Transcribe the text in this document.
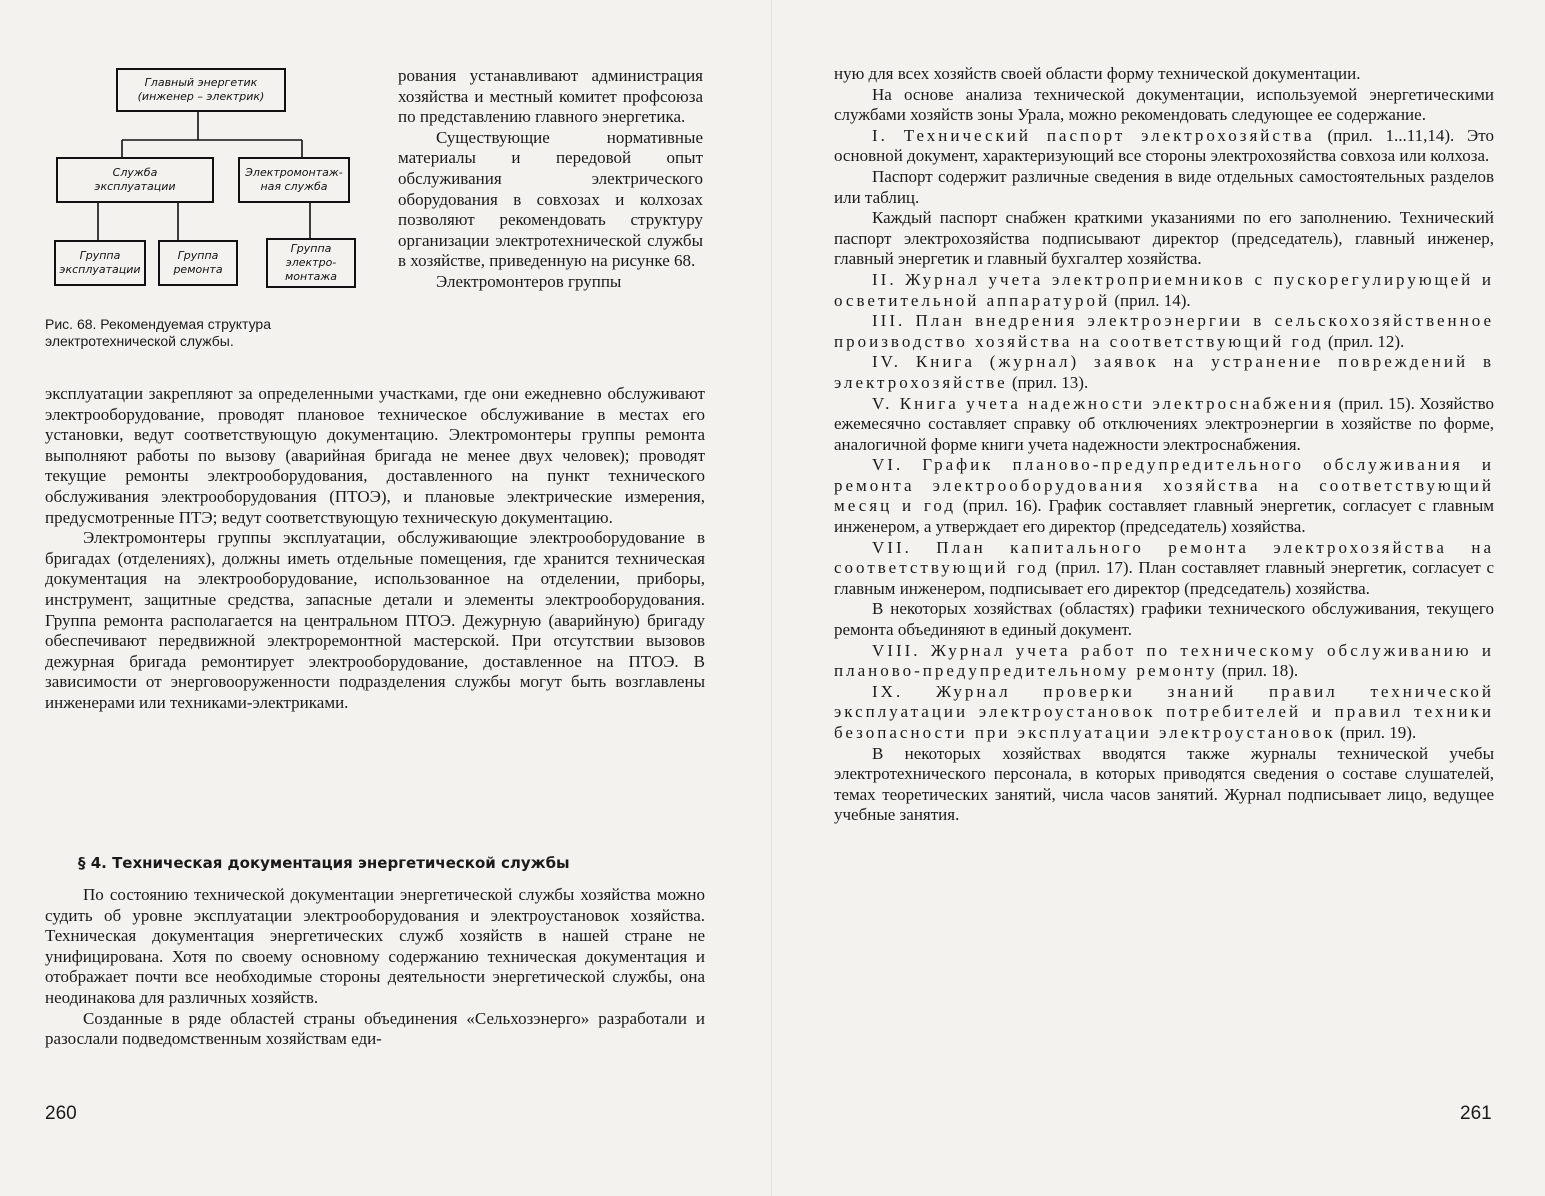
Главный энергетик
(инженер – электрик)
Служба
эксплуатации
Электромонтаж-
ная служба
Группа
эксплуатации
Группа
ремонта
Группа
электро-
монтажа
Рис. 68. Рекомендуемая структура
электротехнической службы.

рования устанавливают администрация хозяйства и местный комитет профсоюза по представлению главного энергетика.

Существующие нормативные материалы и передовой опыт обслуживания электрического оборудования в совхозах и колхозах позволяют рекомендовать структуру организации электротехнической службы в хозяйстве, приведенную на рисунке 68.

Электромонтеров группы

эксплуатации закрепляют за определенными участками, где они ежедневно обслуживают электрооборудование, проводят плановое техническое обслуживание в местах его установки, ведут соответствующую документацию. Электромонтеры группы ремонта выполняют работы по вызову (аварийная бригада не менее двух человек); проводят текущие ремонты электрооборудования, доставленного на пункт технического обслуживания электрооборудования (ПТОЭ), и плановые электрические измерения, предусмотренные ПТЭ; ведут соответствующую техническую документацию.

Электромонтеры группы эксплуатации, обслуживающие электрооборудование в бригадах (отделениях), должны иметь отдельные помещения, где хранится техническая документация на электрооборудование, использованное на отделении, приборы, инструмент, защитные средства, запасные детали и элементы электрооборудования. Группа ремонта располагается на центральном ПТОЭ. Дежурную (аварийную) бригаду обеспечивают передвижной электроремонтной мастерской. При отсутствии вызовов дежурная бригада ремонтирует электрооборудование, доставленное на ПТОЭ. В зависимости от энерговооруженности подразделения службы могут быть возглавлены инженерами или техниками-электриками.

§ 4. Техническая документация энергетической службы

По состоянию технической документации энергетической службы хозяйства можно судить об уровне эксплуатации электрооборудования и электроустановок хозяйства. Техническая документация энергетических служб хозяйств в нашей стране не унифицирована. Хотя по своему основному содержанию техническая документация и отображает почти все необходимые стороны деятельности энергетической службы, она неодинакова для различных хозяйств.

Созданные в ряде областей страны объединения «Сельхозэнерго» разработали и разослали подведомственным хозяйствам еди-

260

ную для всех хозяйств своей области форму технической документации.

На основе анализа технической документации, используемой энергетическими службами хозяйств зоны Урала, можно рекомендовать следующее ее содержание.

I. Технический паспорт электрохозяйства (прил. 1...11,14). Это основной документ, характеризующий все стороны электрохозяйства совхоза или колхоза.

Паспорт содержит различные сведения в виде отдельных самостоятельных разделов или таблиц.

Каждый паспорт снабжен краткими указаниями по его заполнению. Технический паспорт электрохозяйства подписывают директор (председатель), главный инженер, главный энергетик и главный бухгалтер хозяйства.

II. Журнал учета электроприемников с пускорегулирующей и осветительной аппаратурой (прил. 14).

III. План внедрения электроэнергии в сельскохозяйственное производство хозяйства на соответствующий год (прил. 12).

IV. Книга (журнал) заявок на устранение повреждений в электрохозяйстве (прил. 13).

V. Книга учета надежности электроснабжения (прил. 15). Хозяйство ежемесячно составляет справку об отключениях электроэнергии в хозяйстве по форме, аналогичной форме книги учета надежности электроснабжения.

VI. График планово-предупредительного обслуживания и ремонта электрооборудования хозяйства на соответствующий месяц и год (прил. 16). График составляет главный энергетик, согласует с главным инженером, а утверждает его директор (председатель) хозяйства.

VII. План капитального ремонта электрохозяйства на соответствующий год (прил. 17). План составляет главный энергетик, согласует с главным инженером, подписывает его директор (председатель) хозяйства.

В некоторых хозяйствах (областях) графики технического обслуживания, текущего ремонта объединяют в единый документ.

VIII. Журнал учета работ по техническому обслуживанию и планово-предупредительному ремонту (прил. 18).

IX. Журнал проверки знаний правил технической эксплуатации электроустановок потребителей и правил техники безопасности при эксплуатации электроустановок (прил. 19).

В некоторых хозяйствах вводятся также журналы технической учебы электротехнического персонала, в которых приводятся сведения о составе слушателей, темах теоретических занятий, числа часов занятий. Журнал подписывает лицо, ведущее учебные занятия.

261
